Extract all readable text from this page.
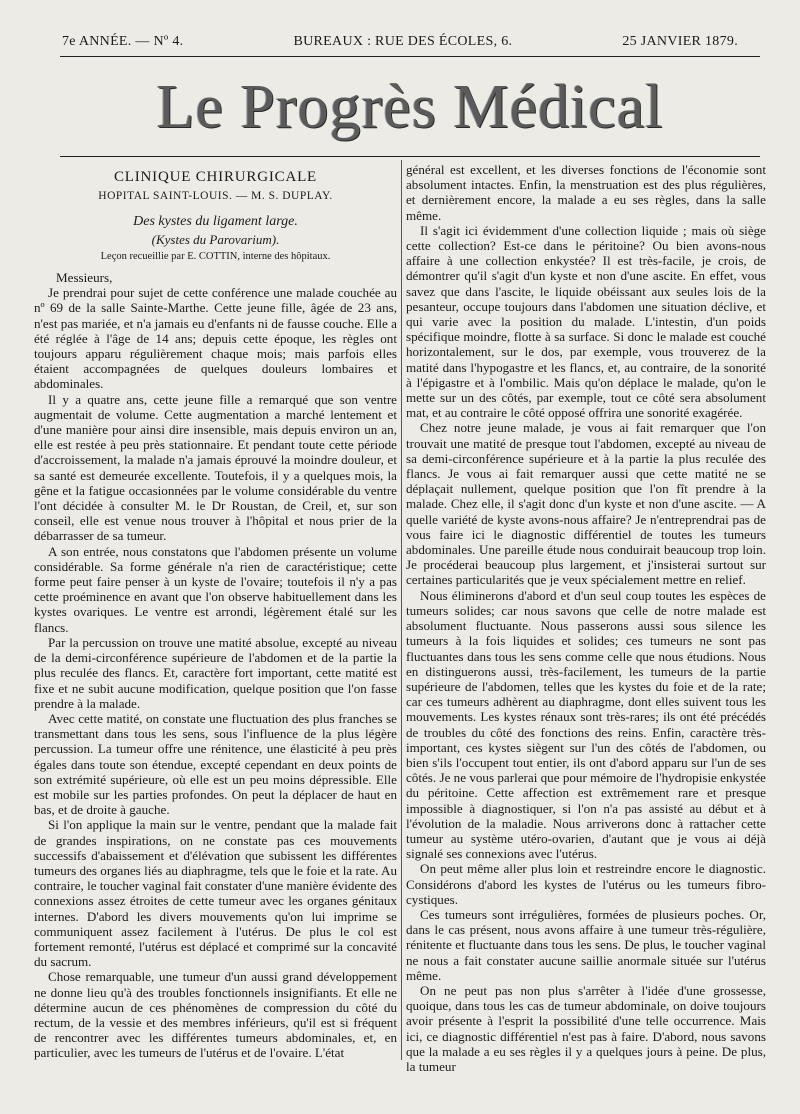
7e ANNÉE. — Nº 4.	BUREAUX : RUE DES ÉCOLES, 6.	25 JANVIER 1879.
Le Progrès Médical
CLINIQUE CHIRURGICALE
HOPITAL SAINT-LOUIS. — M. S. DUPLAY.
Des kystes du ligament large.
(Kystes du Parovarium).
Leçon recueillie par E. COTTIN, interne des hôpitaux.

Messieurs,

Je prendrai pour sujet de cette conférence une malade couchée au nº 69 de la salle Sainte-Marthe. Cette jeune fille, âgée de 23 ans, n'est pas mariée, et n'a jamais eu d'enfants ni de fausse couche. Elle a été réglée à l'âge de 14 ans; depuis cette époque, les règles ont toujours apparu régulièrement chaque mois; mais parfois elles étaient accompagnées de quelques douleurs lombaires et abdominales.

Il y a quatre ans, cette jeune fille a remarqué que son ventre augmentait de volume. Cette augmentation a marché lentement et d'une manière pour ainsi dire insensible, mais depuis environ un an, elle est restée à peu près stationnaire. Et pendant toute cette période d'accroissement, la malade n'a jamais éprouvé la moindre douleur, et sa santé est demeurée excellente. Toutefois, il y a quelques mois, la gêne et la fatigue occasionnées par le volume considérable du ventre l'ont décidée à consulter M. le Dr Roustan, de Creil, et, sur son conseil, elle est venue nous trouver à l'hôpital et nous prier de la débarrasser de sa tumeur.

A son entrée, nous constatons que l'abdomen présente un volume considérable. Sa forme générale n'a rien de caractéristique; cette forme peut faire penser à un kyste de l'ovaire; toutefois il n'y a pas cette proéminence en avant que l'on observe habituellement dans les kystes ovariques. Le ventre est arrondi, légèrement étalé sur les flancs.

Par la percussion on trouve une matité absolue, excepté au niveau de la demi-circonférence supérieure de l'abdomen et de la partie la plus reculée des flancs. Et, caractère fort important, cette matité est fixe et ne subit aucune modification, quelque position que l'on fasse prendre à la malade.

Avec cette matité, on constate une fluctuation des plus franches se transmettant dans tous les sens, sous l'influence de la plus légère percussion. La tumeur offre une rénitence, une élasticité à peu près égales dans toute son étendue, excepté cependant en deux points de son extrémité supérieure, où elle est un peu moins dépressible. Elle est mobile sur les parties profondes. On peut la déplacer de haut en bas, et de droite à gauche.

Si l'on applique la main sur le ventre, pendant que la malade fait de grandes inspirations, on ne constate pas ces mouvements successifs d'abaissement et d'élévation que subissent les différentes tumeurs des organes liés au diaphragme, tels que le foie et la rate. Au contraire, le toucher vaginal fait constater d'une manière évidente des connexions assez étroites de cette tumeur avec les organes génitaux internes. D'abord les divers mouvements qu'on lui imprime se communiquent assez facilement à l'utérus. De plus le col est fortement remonté, l'utérus est déplacé et comprimé sur la concavité du sacrum.

Chose remarquable, une tumeur d'un aussi grand développement ne donne lieu qu'à des troubles fonctionnels insignifiants. Et elle ne détermine aucun de ces phénomènes de compression du côté du rectum, de la vessie et des membres inférieurs, qu'il est si fréquent de rencontrer avec les différentes tumeurs abdominales, et, en particulier, avec les tumeurs de l'utérus et de l'ovaire. L'état

général est excellent, et les diverses fonctions de l'économie sont absolument intactes. Enfin, la menstruation est des plus régulières, et dernièrement encore, la malade a eu ses règles, dans la salle même.

Il s'agit ici évidemment d'une collection liquide ; mais où siège cette collection? Est-ce dans le péritoine? Ou bien avons-nous affaire à une collection enkystée? Il est très-facile, je crois, de démontrer qu'il s'agit d'un kyste et non d'une ascite. En effet, vous savez que dans l'ascite, le liquide obéissant aux seules lois de la pesanteur, occupe toujours dans l'abdomen une situation déclive, et qui varie avec la position du malade. L'intestin, d'un poids spécifique moindre, flotte à sa surface. Si donc le malade est couché horizontalement, sur le dos, par exemple, vous trouverez de la matité dans l'hypogastre et les flancs, et, au contraire, de la sonorité à l'épigastre et à l'ombilic. Mais qu'on déplace le malade, qu'on le mette sur un des côtés, par exemple, tout ce côté sera absolument mat, et au contraire le côté opposé offrira une sonorité exagérée.

Chez notre jeune malade, je vous ai fait remarquer que l'on trouvait une matité de presque tout l'abdomen, excepté au niveau de sa demi-circonférence supérieure et à la partie la plus reculée des flancs. Je vous ai fait remarquer aussi que cette matité ne se déplaçait nullement, quelque position que l'on fît prendre à la malade. Chez elle, il s'agit donc d'un kyste et non d'une ascite. — A quelle variété de kyste avons-nous affaire? Je n'entreprendrai pas de vous faire ici le diagnostic différentiel de toutes les tumeurs abdominales. Une pareille étude nous conduirait beaucoup trop loin. Je procéderai beaucoup plus largement, et j'insisterai surtout sur certaines particularités que je veux spécialement mettre en relief.

Nous éliminerons d'abord et d'un seul coup toutes les espèces de tumeurs solides; car nous savons que celle de notre malade est absolument fluctuante. Nous passerons aussi sous silence les tumeurs à la fois liquides et solides; ces tumeurs ne sont pas fluctuantes dans tous les sens comme celle que nous étudions. Nous en distinguerons aussi, très-facilement, les tumeurs de la partie supérieure de l'abdomen, telles que les kystes du foie et de la rate; car ces tumeurs adhèrent au diaphragme, dont elles suivent tous les mouvements. Les kystes rénaux sont très-rares; ils ont été précédés de troubles du côté des fonctions des reins. Enfin, caractère très-important, ces kystes siègent sur l'un des côtés de l'abdomen, ou bien s'ils l'occupent tout entier, ils ont d'abord apparu sur l'un de ses côtés. Je ne vous parlerai que pour mémoire de l'hydropisie enkystée du péritoine. Cette affection est extrêmement rare et presque impossible à diagnostiquer, si l'on n'a pas assisté au début et à l'évolution de la maladie. Nous arriverons donc à rattacher cette tumeur au système utéro-ovarien, d'autant que je vous ai déjà signalé ses connexions avec l'utérus.

On peut même aller plus loin et restreindre encore le diagnostic. Considérons d'abord les kystes de l'utérus ou les tumeurs fibro-cystiques.

Ces tumeurs sont irrégulières, formées de plusieurs poches. Or, dans le cas présent, nous avons affaire à une tumeur très-régulière, rénitente et fluctuante dans tous les sens. De plus, le toucher vaginal ne nous a fait constater aucune saillie anormale située sur l'utérus même.

On ne peut pas non plus s'arrêter à l'idée d'une grossesse, quoique, dans tous les cas de tumeur abdominale, on doive toujours avoir présente à l'esprit la possibilité d'une telle occurrence. Mais ici, ce diagnostic différentiel n'est pas à faire. D'abord, nous savons que la malade a eu ses règles il y a quelques jours à peine. De plus, la tumeur
